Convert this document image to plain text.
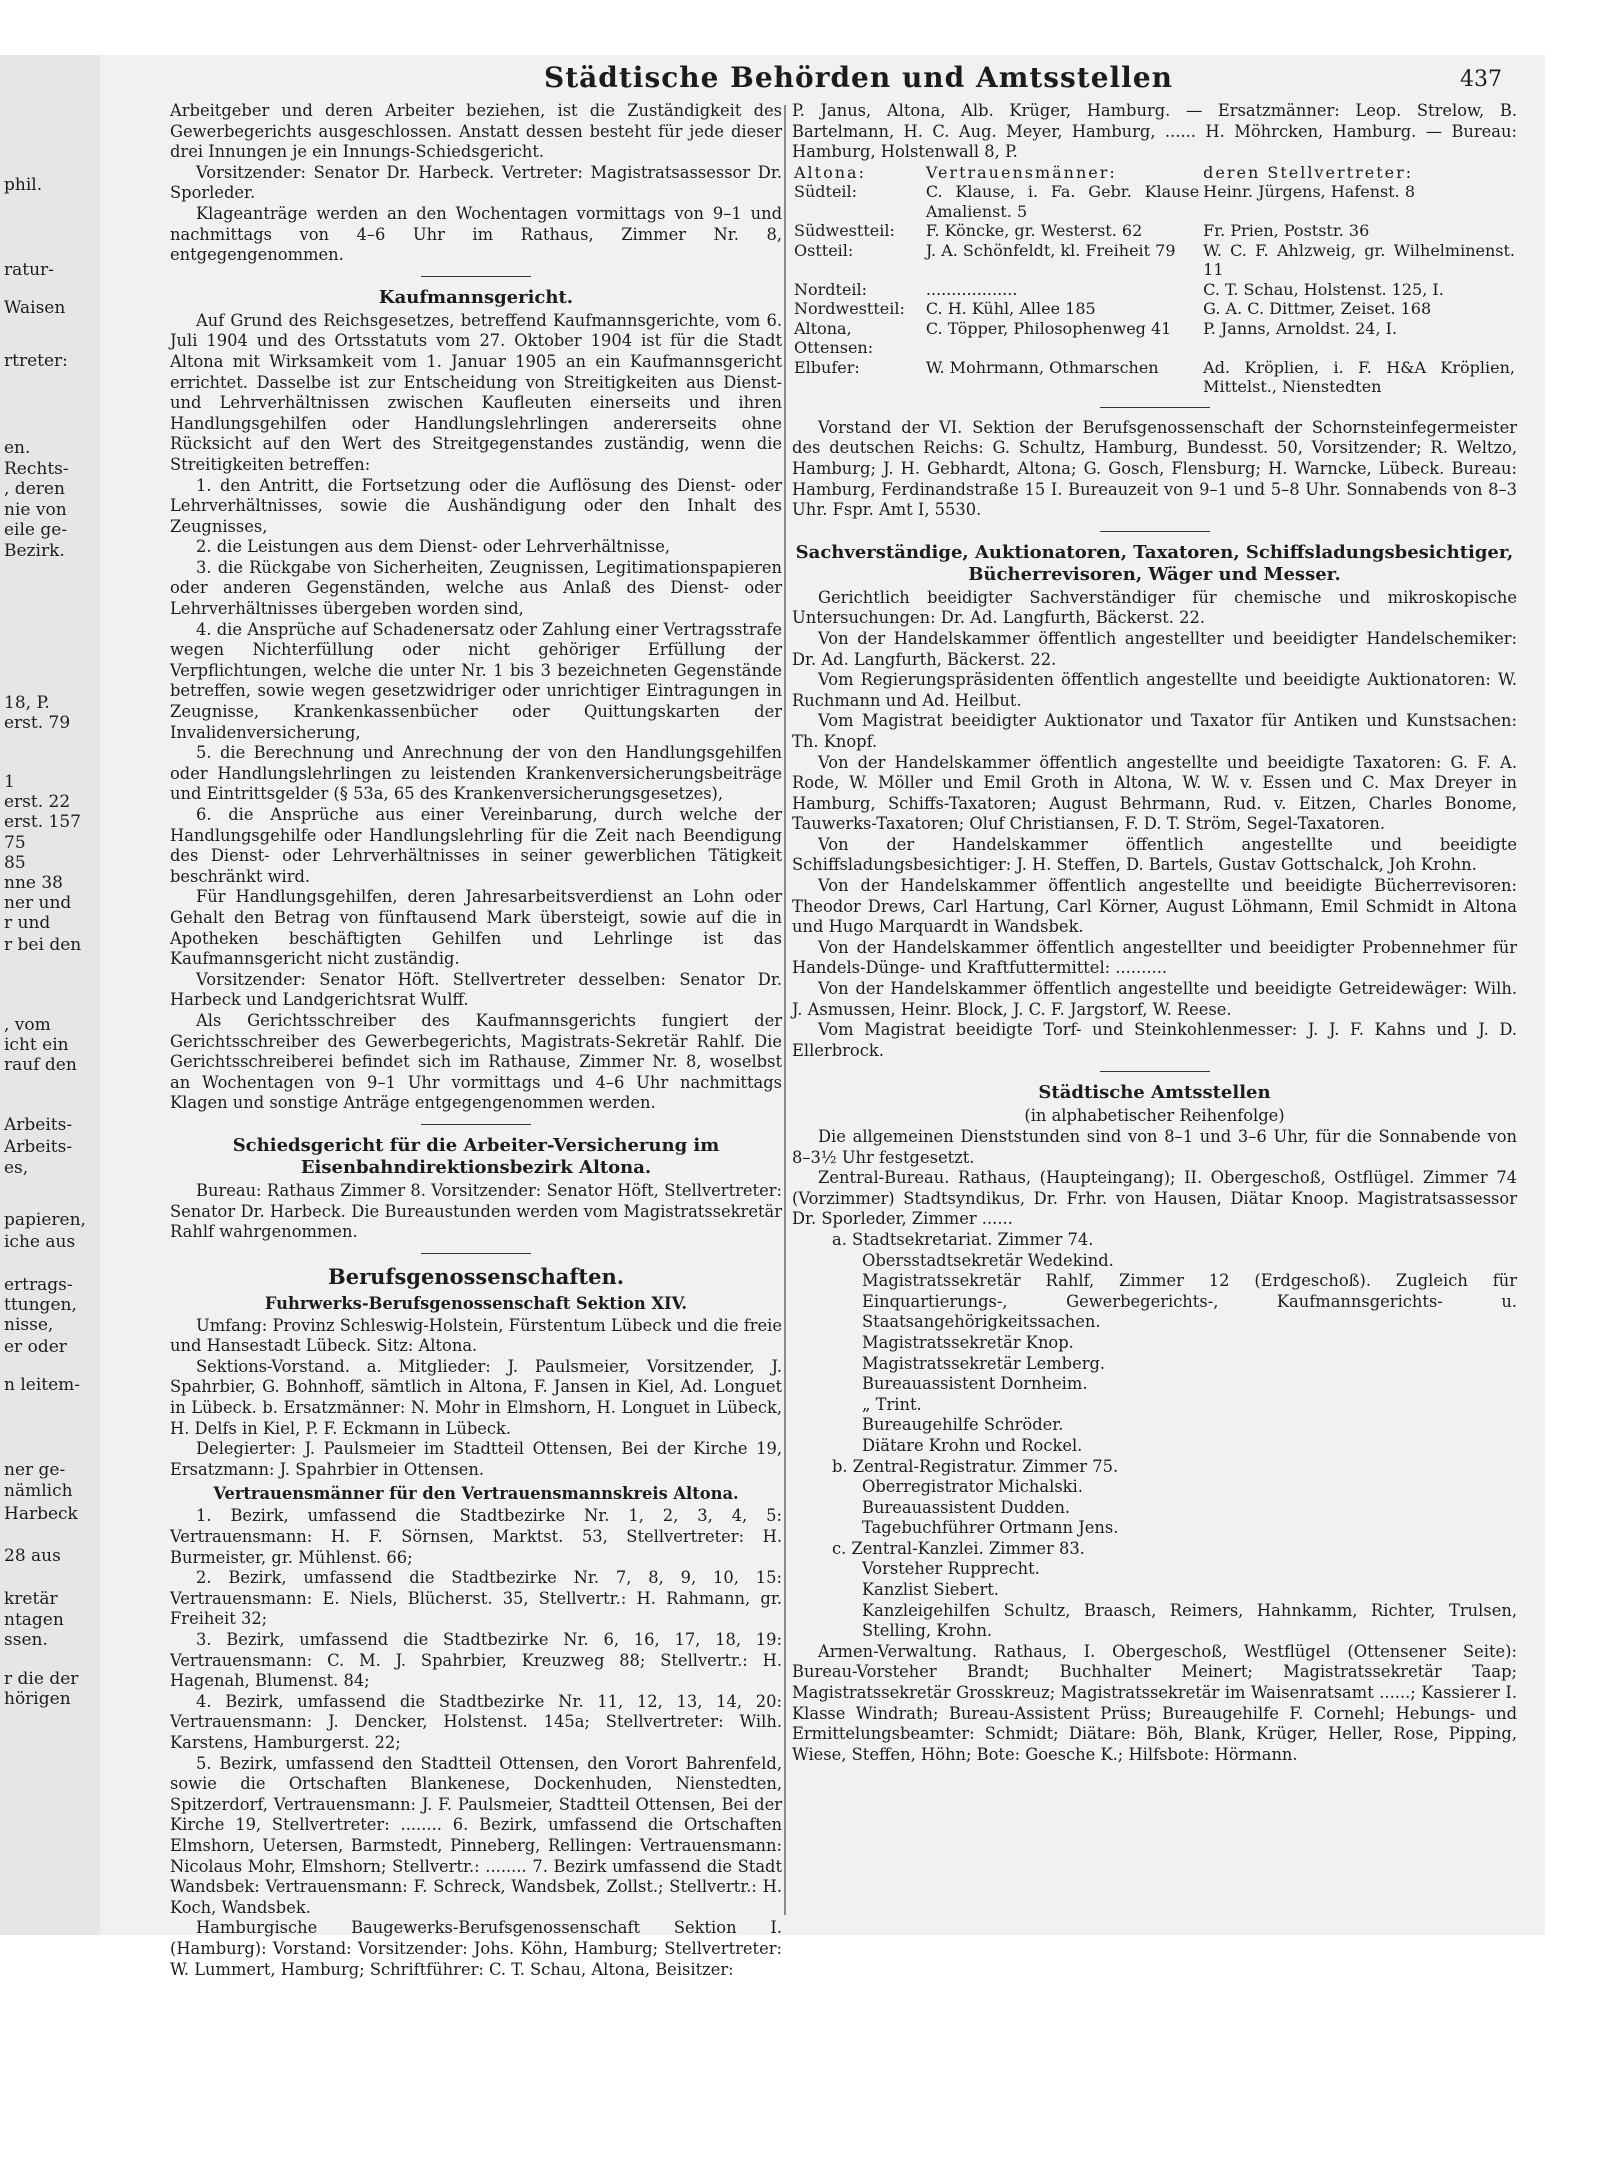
phil.
ratur-
Waisen
rtreter:
en.
Rechts-
, deren
nie von
eile ge-
Bezirk.
18, P.
erst. 79
1
erst. 22
erst. 157
75
85
nne 38
ner und
r und
r bei den
, vom
icht ein
rauf den
Arbeits-
Arbeits-
es,
papieren,
iche aus
ertrags-
ttungen,
nisse,
er oder
n leitem-
ner ge-
nämlich
Harbeck
28 aus
kretär
ntagen
ssen.
r die der
hörigen
Städtische Behörden und Amtsstellen	437

Arbeitgeber und deren Arbeiter beziehen, ist die Zuständigkeit des Gewerbegerichts ausgeschlossen. Anstatt dessen besteht für jede dieser drei Innungen je ein Innungs-Schiedsgericht.

Vorsitzender: Senator Dr. Harbeck. Vertreter: Magistratsassessor Dr. Sporleder.

Klageanträge werden an den Wochentagen vormittags von 9–1 und nachmittags von 4–6 Uhr im Rathaus, Zimmer Nr. 8, entgegengenommen.

Kaufmannsgericht.

Auf Grund des Reichsgesetzes, betreffend Kaufmannsgerichte, vom 6. Juli 1904 und des Ortsstatuts vom 27. Oktober 1904 ist für die Stadt Altona mit Wirksamkeit vom 1. Januar 1905 an ein Kaufmannsgericht errichtet. Dasselbe ist zur Entscheidung von Streitigkeiten aus Dienst- und Lehrverhältnissen zwischen Kaufleuten einerseits und ihren Handlungsgehilfen oder Handlungslehrlingen andererseits ohne Rücksicht auf den Wert des Streitgegenstandes zuständig, wenn die Streitigkeiten betreffen:

1. den Antritt, die Fortsetzung oder die Auflösung des Dienst- oder Lehrverhältnisses, sowie die Aushändigung oder den Inhalt des Zeugnisses,

2. die Leistungen aus dem Dienst- oder Lehrverhältnisse,

3. die Rückgabe von Sicherheiten, Zeugnissen, Legitimationspapieren oder anderen Gegenständen, welche aus Anlaß des Dienst- oder Lehrverhältnisses übergeben worden sind,

4. die Ansprüche auf Schadenersatz oder Zahlung einer Vertragsstrafe wegen Nichterfüllung oder nicht gehöriger Erfüllung der Verpflichtungen, welche die unter Nr. 1 bis 3 bezeichneten Gegenstände betreffen, sowie wegen gesetzwidriger oder unrichtiger Eintragungen in Zeugnisse, Krankenkassenbücher oder Quittungskarten der Invalidenversicherung,

5. die Berechnung und Anrechnung der von den Handlungsgehilfen oder Handlungslehrlingen zu leistenden Krankenversicherungsbeiträge und Eintrittsgelder (§ 53a, 65 des Krankenversicherungsgesetzes),

6. die Ansprüche aus einer Vereinbarung, durch welche der Handlungsgehilfe oder Handlungslehrling für die Zeit nach Beendigung des Dienst- oder Lehrverhältnisses in seiner gewerblichen Tätigkeit beschränkt wird.

Für Handlungsgehilfen, deren Jahresarbeitsverdienst an Lohn oder Gehalt den Betrag von fünftausend Mark übersteigt, sowie auf die in Apotheken beschäftigten Gehilfen und Lehrlinge ist das Kaufmannsgericht nicht zuständig.

Vorsitzender: Senator Höft. Stellvertreter desselben: Senator Dr. Harbeck und Landgerichtsrat Wulff.

Als Gerichtsschreiber des Kaufmannsgerichts fungiert der Gerichtsschreiber des Gewerbegerichts, Magistrats-Sekretär Rahlf. Die Gerichtsschreiberei befindet sich im Rathause, Zimmer Nr. 8, woselbst an Wochentagen von 9–1 Uhr vormittags und 4–6 Uhr nachmittags Klagen und sonstige Anträge entgegengenommen werden.

Schiedsgericht für die Arbeiter-Versicherung im Eisenbahndirektionsbezirk Altona.

Bureau: Rathaus Zimmer 8. Vorsitzender: Senator Höft, Stellvertreter: Senator Dr. Harbeck. Die Bureaustunden werden vom Magistratssekretär Rahlf wahrgenommen.

Berufsgenossenschaften.
Fuhrwerks-Berufsgenossenschaft Sektion XIV.

Umfang: Provinz Schleswig-Holstein, Fürstentum Lübeck und die freie und Hansestadt Lübeck. Sitz: Altona.

Sektions-Vorstand. a. Mitglieder: J. Paulsmeier, Vorsitzender, J. Spahrbier, G. Bohnhoff, sämtlich in Altona, F. Jansen in Kiel, Ad. Longuet in Lübeck. b. Ersatzmänner: N. Mohr in Elmshorn, H. Longuet in Lübeck, H. Delfs in Kiel, P. F. Eckmann in Lübeck.

Delegierter: J. Paulsmeier im Stadtteil Ottensen, Bei der Kirche 19, Ersatzmann: J. Spahrbier in Ottensen.

Vertrauensmänner für den Vertrauensmannskreis Altona.

1. Bezirk, umfassend die Stadtbezirke Nr. 1, 2, 3, 4, 5: Vertrauensmann: H. F. Sörnsen, Marktst. 53, Stellvertreter: H. Burmeister, gr. Mühlenst. 66;

2. Bezirk, umfassend die Stadtbezirke Nr. 7, 8, 9, 10, 15: Vertrauensmann: E. Niels, Blücherst. 35, Stellvertr.: H. Rahmann, gr. Freiheit 32;

3. Bezirk, umfassend die Stadtbezirke Nr. 6, 16, 17, 18, 19: Vertrauensmann: C. M. J. Spahrbier, Kreuzweg 88; Stellvertr.: H. Hagenah, Blumenst. 84;

4. Bezirk, umfassend die Stadtbezirke Nr. 11, 12, 13, 14, 20: Vertrauensmann: J. Dencker, Holstenst. 145a; Stellvertreter: Wilh. Karstens, Hamburgerst. 22;

5. Bezirk, umfassend den Stadtteil Ottensen, den Vorort Bahrenfeld, sowie die Ortschaften Blankenese, Dockenhuden, Nienstedten, Spitzerdorf, Vertrauensmann: J. F. Paulsmeier, Stadtteil Ottensen, Bei der Kirche 19, Stellvertreter: ........ 6. Bezirk, umfassend die Ortschaften Elmshorn, Uetersen, Barmstedt, Pinneberg, Rellingen: Vertrauensmann: Nicolaus Mohr, Elmshorn; Stellvertr.: ........ 7. Bezirk umfassend die Stadt Wandsbek: Vertrauensmann: F. Schreck, Wandsbek, Zollst.; Stellvertr.: H. Koch, Wandsbek.

Hamburgische Baugewerks-Berufsgenossenschaft Sektion I. (Hamburg): Vorstand: Vorsitzender: Johs. Köhn, Hamburg; Stellvertreter: W. Lummert, Hamburg; Schriftführer: C. T. Schau, Altona, Beisitzer:

P. Janus, Altona, Alb. Krüger, Hamburg. — Ersatzmänner: Leop. Strelow, B. Bartelmann, H. C. Aug. Meyer, Hamburg, ...... H. Möhrcken, Hamburg. — Bureau: Hamburg, Holstenwall 8, P.

Altona:	Vertrauensmänner:	deren Stellvertreter:
Südteil:	C. Klause, i. Fa. Gebr. Klause Amalienst. 5	Heinr. Jürgens, Hafenst. 8
Südwestteil:	F. Köncke, gr. Westerst. 62	Fr. Prien, Poststr. 36
Ostteil:	J. A. Schönfeldt, kl. Freiheit 79	W. C. F. Ahlzweig, gr. Wilhelminenst. 11
Nordteil:	..................	C. T. Schau, Holstenst. 125, I.
Nordwestteil:	C. H. Kühl, Allee 185	G. A. C. Dittmer, Zeiset. 168
Altona, Ottensen:	C. Töpper, Philosophenweg 41	P. Janns, Arnoldst. 24, I.
Elbufer:	W. Mohrmann, Othmarschen	Ad. Kröplien, i. F. H&A Kröplien, Mittelst., Nienstedten

Vorstand der VI. Sektion der Berufsgenossenschaft der Schornsteinfegermeister des deutschen Reichs: G. Schultz, Hamburg, Bundesst. 50, Vorsitzender; R. Weltzo, Hamburg; J. H. Gebhardt, Altona; G. Gosch, Flensburg; H. Warncke, Lübeck. Bureau: Hamburg, Ferdinandstraße 15 I. Bureauzeit von 9–1 und 5–8 Uhr. Sonnabends von 8–3 Uhr. Fspr. Amt I, 5530.

Sachverständige, Auktionatoren, Taxatoren, Schiffsladungsbesichtiger, Bücherrevisoren, Wäger und Messer.

Gerichtlich beeidigter Sachverständiger für chemische und mikroskopische Untersuchungen: Dr. Ad. Langfurth, Bäckerst. 22.

Von der Handelskammer öffentlich angestellter und beeidigter Handelschemiker: Dr. Ad. Langfurth, Bäckerst. 22.

Vom Regierungspräsidenten öffentlich angestellte und beeidigte Auktionatoren: W. Ruchmann und Ad. Heilbut.

Vom Magistrat beeidigter Auktionator und Taxator für Antiken und Kunstsachen: Th. Knopf.

Von der Handelskammer öffentlich angestellte und beeidigte Taxatoren: G. F. A. Rode, W. Möller und Emil Groth in Altona, W. W. v. Essen und C. Max Dreyer in Hamburg, Schiffs-Taxatoren; August Behrmann, Rud. v. Eitzen, Charles Bonome, Tauwerks-Taxatoren; Oluf Christiansen, F. D. T. Ström, Segel-Taxatoren.

Von der Handelskammer öffentlich angestellte und beeidigte Schiffsladungsbesichtiger: J. H. Steffen, D. Bartels, Gustav Gottschalck, Joh Krohn.

Von der Handelskammer öffentlich angestellte und beeidigte Bücherrevisoren: Theodor Drews, Carl Hartung, Carl Körner, August Löhmann, Emil Schmidt in Altona und Hugo Marquardt in Wandsbek.

Von der Handelskammer öffentlich angestellter und beeidigter Probennehmer für Handels-Dünge- und Kraftfuttermittel: ..........

Von der Handelskammer öffentlich angestellte und beeidigte Getreidewäger: Wilh. J. Asmussen, Heinr. Block, J. C. F. Jargstorf, W. Reese.

Vom Magistrat beeidigte Torf- und Steinkohlenmesser: J. J. F. Kahns und J. D. Ellerbrock.

Städtische Amtsstellen

(in alphabetischer Reihenfolge)

Die allgemeinen Dienststunden sind von 8–1 und 3–6 Uhr, für die Sonnabende von 8–3½ Uhr festgesetzt.

Zentral-Bureau. Rathaus, (Haupteingang); II. Obergeschoß, Ostflügel. Zimmer 74 (Vorzimmer) Stadtsyndikus, Dr. Frhr. von Hausen, Diätar Knoop. Magistratsassessor Dr. Sporleder, Zimmer ......

a. Stadtsekretariat. Zimmer 74.

Obersstadtsekretär Wedekind.

Magistratssekretär Rahlf, Zimmer 12 (Erdgeschoß). Zugleich für Einquartierungs-, Gewerbegerichts-, Kaufmannsgerichts- u. Staatsangehörigkeitssachen.

Magistratssekretär Knop.

Magistratssekretär Lemberg.

Bureauassistent Dornheim.

„ Trint.

Bureaugehilfe Schröder.

Diätare Krohn und Rockel.

b. Zentral-Registratur. Zimmer 75.

Oberregistrator Michalski.

Bureauassistent Dudden.

Tagebuchführer Ortmann Jens.

c. Zentral-Kanzlei. Zimmer 83.

Vorsteher Rupprecht.

Kanzlist Siebert.

Kanzleigehilfen Schultz, Braasch, Reimers, Hahnkamm, Richter, Trulsen, Stelling, Krohn.

Armen-Verwaltung. Rathaus, I. Obergeschoß, Westflügel (Ottensener Seite): Bureau-Vorsteher Brandt; Buchhalter Meinert; Magistratssekretär Taap; Magistratssekretär Grosskreuz; Magistratssekretär im Waisenratsamt ......; Kassierer I. Klasse Windrath; Bureau-Assistent Prüss; Bureaugehilfe F. Cornehl; Hebungs- und Ermittelungsbeamter: Schmidt; Diätare: Böh, Blank, Krüger, Heller, Rose, Pipping, Wiese, Steffen, Höhn; Bote: Goesche K.; Hilfsbote: Hörmann.
